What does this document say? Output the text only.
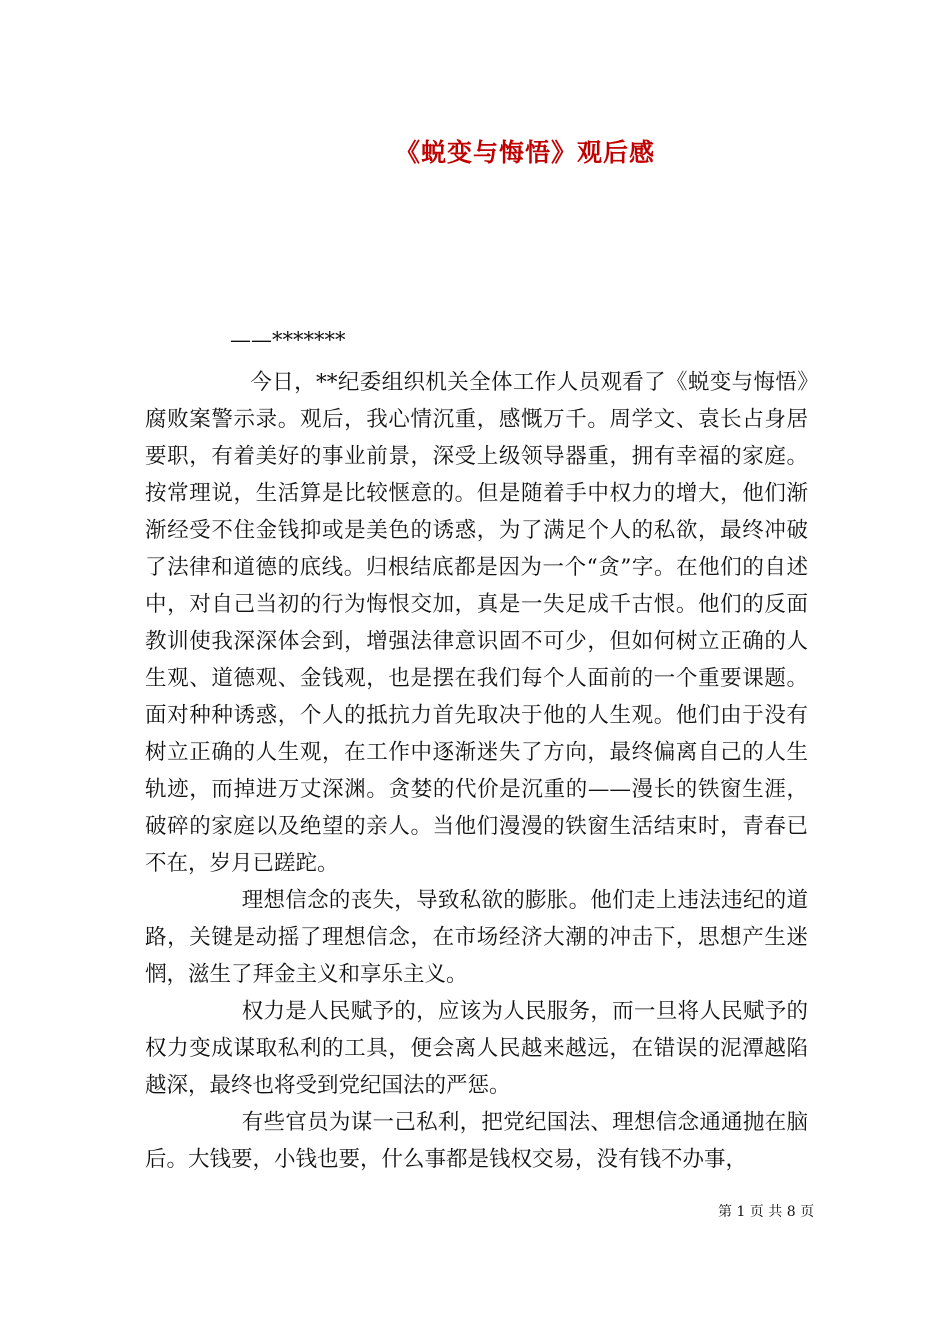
《蜕变与悔悟》观后感

——*******

今日，**纪委组织机关全体工作人员观看了《蜕变与悔悟》腐败案警示录。观后，我心情沉重，感慨万千。周学文、袁长占身居要职，有着美好的事业前景，深受上级领导器重，拥有幸福的家庭。按常理说，生活算是比较惬意的。但是随着手中权力的增大，他们渐渐经受不住金钱抑或是美色的诱惑，为了满足个人的私欲，最终冲破了法律和道德的底线。归根结底都是因为一个“贪”字。在他们的自述中，对自己当初的行为悔恨交加，真是一失足成千古恨。他们的反面教训使我深深体会到，增强法律意识固不可少，但如何树立正确的人生观、道德观、金钱观，也是摆在我们每个人面前的一个重要课题。面对种种诱惑，个人的抵抗力首先取决于他的人生观。他们由于没有树立正确的人生观，在工作中逐渐迷失了方向，最终偏离自己的人生轨迹，而掉进万丈深渊。贪婪的代价是沉重的——漫长的铁窗生涯，破碎的家庭以及绝望的亲人。当他们漫漫的铁窗生活结束时，青春已不在，岁月已蹉跎。

理想信念的丧失，导致私欲的膨胀。他们走上违法违纪的道路，关键是动摇了理想信念，在市场经济大潮的冲击下，思想产生迷惘，滋生了拜金主义和享乐主义。

权力是人民赋予的，应该为人民服务，而一旦将人民赋予的权力变成谋取私利的工具，便会离人民越来越远，在错误的泥潭越陷越深，最终也将受到党纪国法的严惩。

有些官员为谋一己私利，把党纪国法、理想信念通通抛在脑后。大钱要，小钱也要，什么事都是钱权交易，没有钱不办事，

第 1 页 共 8 页
